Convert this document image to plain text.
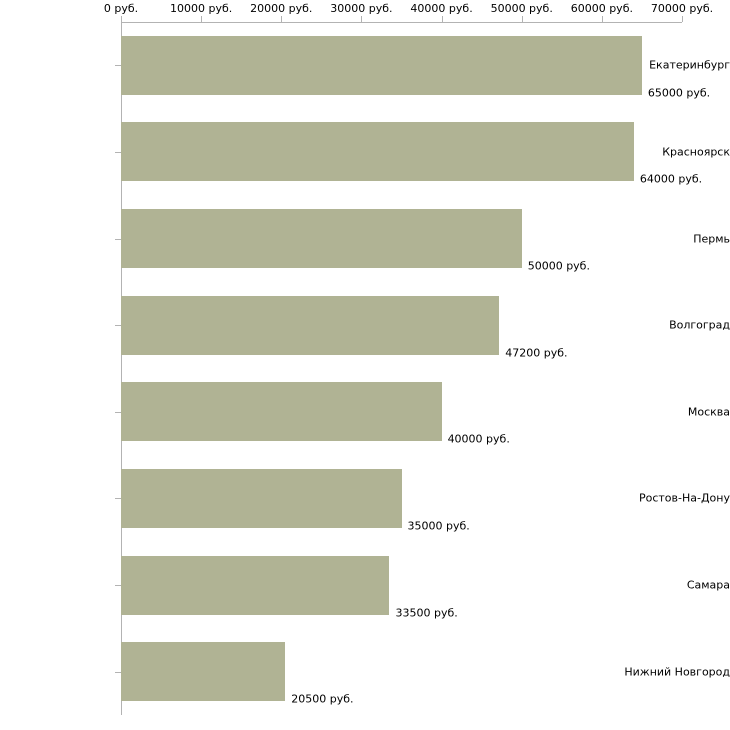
0 руб.	10000 руб. 20000 руб. 30000 руб. 40000 руб. 50000 руб. 60000 руб. 70000 руб.
Екатеринбург
Красноярск
Пермь
Волгоград
Москва
Ростов-На-Дону
Самара
Нижний Новгород
65000 руб.
64000 руб.
50000 руб.
47200 руб.
40000 руб.
35000 руб.
33500 руб.
20500 руб.
